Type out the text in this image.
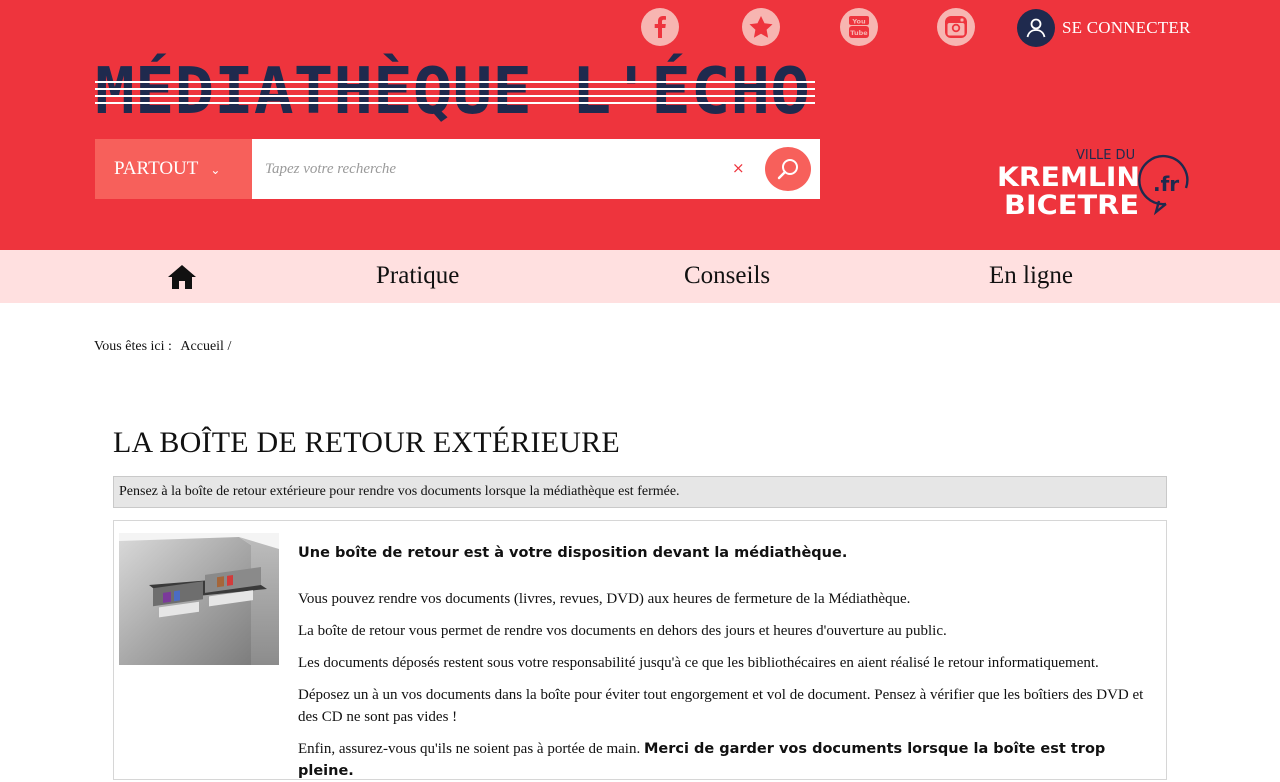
You
Tube	SE CONNECTER
MÉDIATHÈQUE L'ÉCHO
PARTOUT ⌄
Tapez votre recherche	×
VILLE DU
KREMLIN
BICETRE
.fr
Pratique	Conseils	En ligne
Vous êtes ici : Accueil /
LA BOÎTE DE RETOUR EXTÉRIEURE
Pensez à la boîte de retour extérieure pour rendre vos documents lorsque la médiathèque est fermée.
Une boîte de retour est à votre disposition devant la médiathèque.

Vous pouvez rendre vos documents (livres, revues, DVD) aux heures de fermeture de la Médiathèque.

La boîte de retour vous permet de rendre vos documents en dehors des jours et heures d'ouverture au public.

Les documents déposés restent sous votre responsabilité jusqu'à ce que les bibliothécaires en aient réalisé le retour informatiquement.

Déposez un à un vos documents dans la boîte pour éviter tout engorgement et vol de document. Pensez à vérifier que les boîtiers des DVD et des CD ne sont pas vides !

Enfin, assurez-vous qu'ils ne soient pas à portée de main. Merci de garder vos documents lorsque la boîte est trop pleine.
